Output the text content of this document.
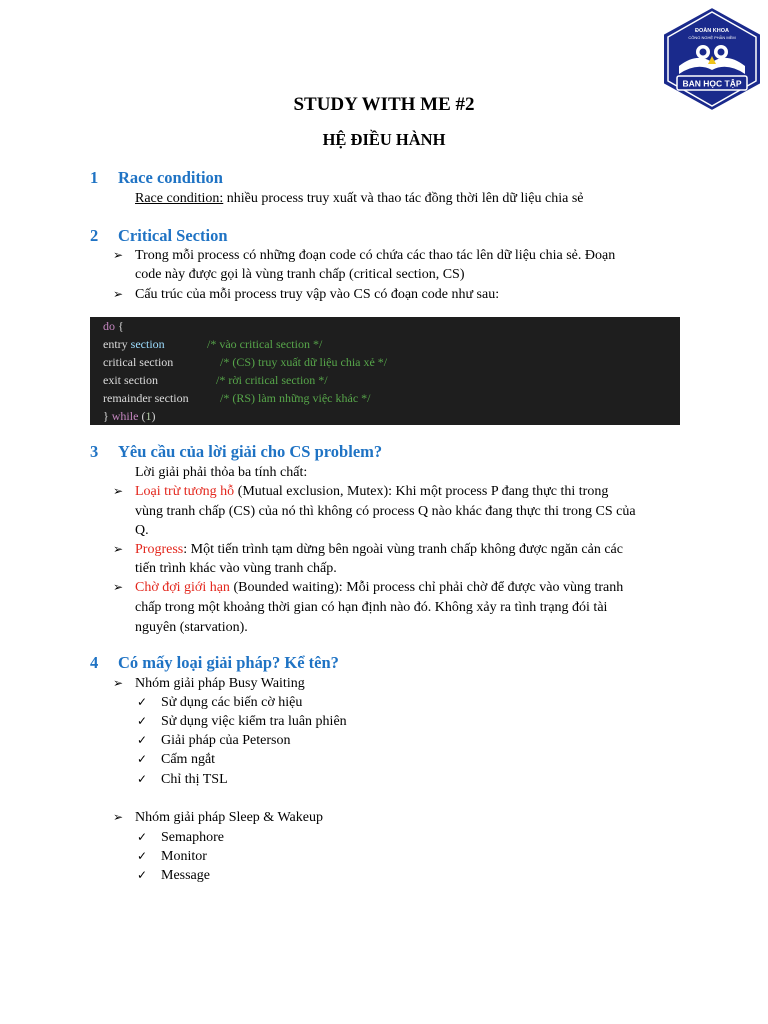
ĐOÀN KHOA
CÔNG NGHỆ PHẦN MỀM
BAN HỌC TẬP
STUDY WITH ME #2
HỆ ĐIỀU HÀNH
1 Race condition
Race condition: nhiều process truy xuất và thao tác đồng thời lên dữ liệu chia sẻ
2 Critical Section
➢ Trong mỗi process có những đoạn code có chứa các thao tác lên dữ liệu chia sẻ. Đoạn
code này được gọi là vùng tranh chấp (critical section, CS)
➢ Cấu trúc của mỗi process truy vập vào CS có đoạn code như sau:
do {
entry section	/* vào critical section */
critical section	/* (CS) truy xuất dữ liệu chia xẻ */
exit section	/* rời critical section */
remainder section	/* (RS) làm những việc khác */
} while (1)
3 Yêu cầu của lời giải cho CS problem?
Lời giải phải thỏa ba tính chất:
➢ Loại trừ tương hỗ (Mutual exclusion, Mutex): Khi một process P đang thực thi trong
vùng tranh chấp (CS) của nó thì không có process Q nào khác đang thực thi trong CS của
Q.
➢ Progress: Một tiến trình tạm dừng bên ngoài vùng tranh chấp không được ngăn cản các
tiến trình khác vào vùng tranh chấp.
➢ Chờ đợi giới hạn (Bounded waiting): Mỗi process chỉ phải chờ để được vào vùng tranh
chấp trong một khoảng thời gian có hạn định nào đó. Không xảy ra tình trạng đói tài
nguyên (starvation).
4 Có mấy loại giải pháp? Kể tên?
➢ Nhóm giải pháp Busy Waiting
✓ Sử dụng các biến cờ hiệu
✓ Sử dụng việc kiểm tra luân phiên
✓ Giải pháp của Peterson
✓ Cấm ngắt
✓ Chỉ thị TSL
➢ Nhóm giải pháp Sleep & Wakeup
✓ Semaphore
✓ Monitor
✓ Message
